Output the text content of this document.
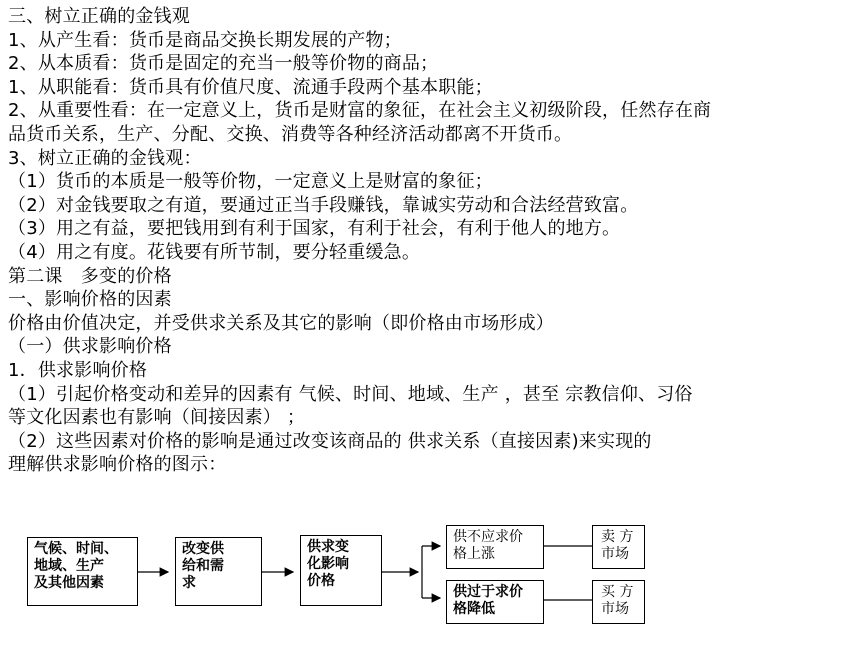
三、树立正确的金钱观
1、从产生看：货币是商品交换长期发展的产物；
2、从本质看：货币是固定的充当一般等价物的商品；
1、从职能看：货币具有价值尺度、流通手段两个基本职能；
2、从重要性看：在一定意义上，货币是财富的象征，在社会主义初级阶段，任然存在商
品货币关系，生产、分配、交换、消费等各种经济活动都离不开货币。
3、树立正确的金钱观：
（1）货币的本质是一般等价物，一定意义上是财富的象征；
（2）对金钱要取之有道，要通过正当手段赚钱，靠诚实劳动和合法经营致富。
（3）用之有益，要把钱用到有利于国家，有利于社会，有利于他人的地方。
（4）用之有度。花钱要有所节制，要分轻重缓急。
第二课　多变的价格
一、影响价格的因素
价格由价值决定，并受供求关系及其它的影响（即价格由市场形成）
（一）供求影响价格
1．供求影响价格
（1）引起价格变动和差异的因素有 气候、时间、地域、生产 ，甚至 宗教信仰、习俗
等文化因素也有影响（间接因素） ；
（2）这些因素对价格的影响是通过改变该商品的 供求关系（直接因素)来实现的
理解供求影响价格的图示：
气候、时间、
地域、生产
及其他因素
改变供
给和需
求
供求变
化影响
价格
供不应求价
格上涨
供过于求价
格降低
卖 方
市场
买 方
市场
